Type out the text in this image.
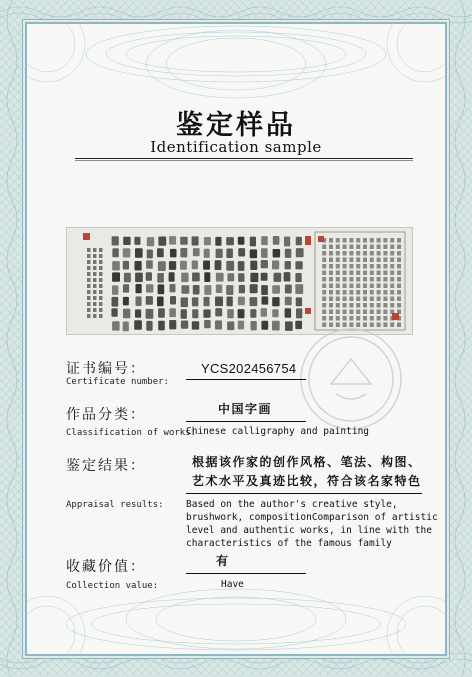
鉴定样品
Identification sample
证书编号：
Certificate number:
YCS202456754
作品分类：	中国字画
Classification of works:
Chinese calligraphy and painting
鉴定结果：	根据该作家的创作风格、笔法、构图、
艺术水平及真迹比较，符合该名家特色
Appraisal results: Based on the author's creative style,
brushwork, compositionComparison of artistic
level and authentic works, in line with the
characteristics of the famous family
收藏价值：	有
Collection value:	Have
